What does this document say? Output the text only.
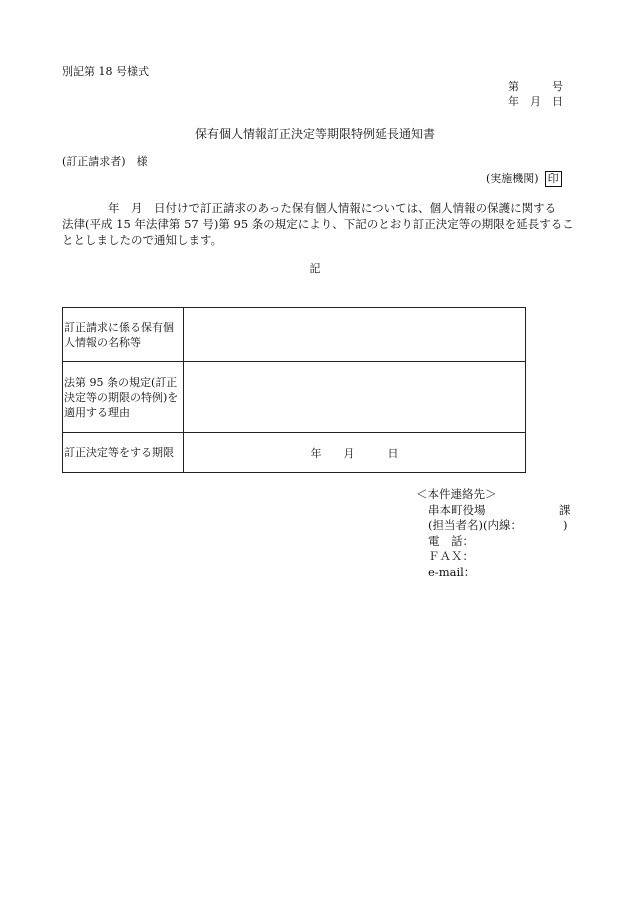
別記第 18 号様式
第　　　号
年　月　日
保有個人情報訂正決定等期限特例延長通知書
(訂正請求者)　様
(実施機関) 印
年　月　日付けで訂正請求のあった保有個人情報については、個人情報の保護に関する
法律(平成 15 年法律第 57 号)第 95 条の規定により、下記のとおり訂正決定等の期限を延長するこ
ととしましたので通知します。
記
訂正請求に係る保有個人情報の名称等	
法第 95 条の規定(訂正決定等の期限の特例)を適用する理由	
訂正決定等をする期限	年　　月　　　日
＜本件連絡先＞
串本町役場	課
(担当者名)(内線：	)
電　話：
ＦＡＸ：
e-mail：
